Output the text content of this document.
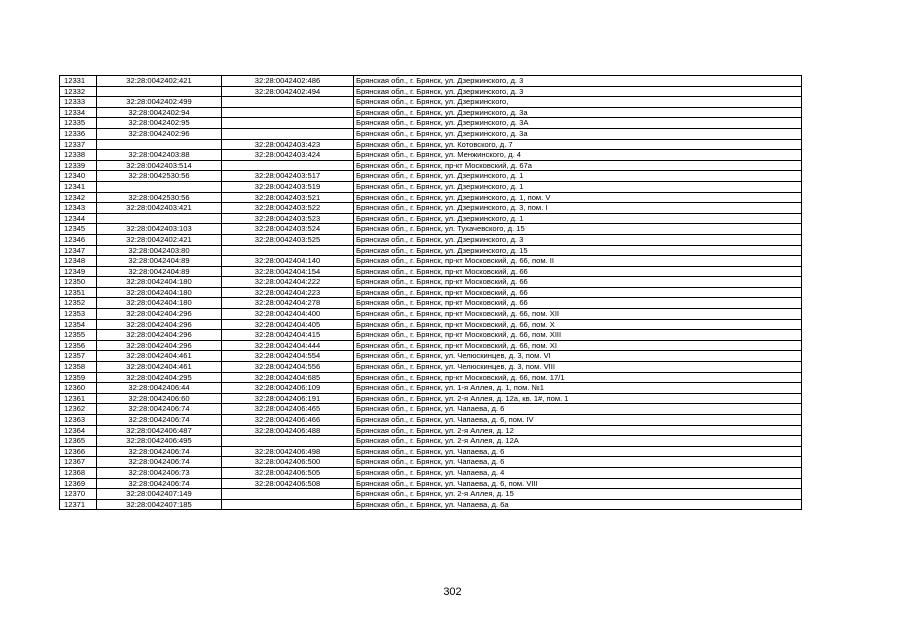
12331	32:28:0042402:421	32:28:0042402:486	Брянская обл., г. Брянск, ул. Дзержинского, д. 3
12332		32:28:0042402:494	Брянская обл., г. Брянск, ул. Дзержинского, д. 3
12333	32:28:0042402:499		Брянская обл., г. Брянск, ул. Дзержинского,
12334	32:28:0042402:94		Брянская обл., г. Брянск, ул. Дзержинского, д. 3а
12335	32:28:0042402:95		Брянская обл., г. Брянск, ул. Дзержинского, д. 3А
12336	32:28:0042402:96		Брянская обл., г. Брянск, ул. Дзержинского, д. 3а
12337		32:28:0042403:423	Брянская обл., г. Брянск, ул. Котовского, д. 7
12338	32:28:0042403:88	32:28:0042403:424	Брянская обл., г. Брянск, ул. Менжинского, д. 4
12339	32:28:0042403:514		Брянская обл., г. Брянск, пр-кт Московский, д. 67а
12340	32:28:0042530:56	32:28:0042403:517	Брянская обл., г. Брянск, ул. Дзержинского, д. 1
12341		32:28:0042403:519	Брянская обл., г. Брянск, ул. Дзержинского, д. 1
12342	32:28:0042530:56	32:28:0042403:521	Брянская обл., г. Брянск, ул. Дзержинского, д. 1, пом. V
12343	32:28:0042403:421	32:28:0042403:522	Брянская обл., г. Брянск, ул. Дзержинского, д. 3, пом. I
12344		32:28:0042403:523	Брянская обл., г. Брянск, ул. Дзержинского, д. 1
12345	32:28:0042403:103	32:28:0042403:524	Брянская обл., г. Брянск, ул. Тухачевского, д. 15
12346	32:28:0042402:421	32:28:0042403:525	Брянская обл., г. Брянск, ул. Дзержинского, д. 3
12347	32:28:0042403:80		Брянская обл., г. Брянск, ул. Дзержинского, д. 15
12348	32:28:0042404:89	32:28:0042404:140	Брянская обл., г. Брянск, пр-кт Московский, д. 66, пом. II
12349	32:28:0042404:89	32:28:0042404:154	Брянская обл., г. Брянск, пр-кт Московский, д. 66
12350	32:28:0042404:180	32:28:0042404:222	Брянская обл., г. Брянск, пр-кт Московский, д. 66
12351	32:28:0042404:180	32:28:0042404:223	Брянская обл., г. Брянск, пр-кт Московский, д. 66
12352	32:28:0042404:180	32:28:0042404:278	Брянская обл., г. Брянск, пр-кт Московский, д. 66
12353	32:28:0042404:296	32:28:0042404:400	Брянская обл., г. Брянск, пр-кт Московский, д. 66, пом. XII
12354	32:28:0042404:296	32:28:0042404:405	Брянская обл., г. Брянск, пр-кт Московский, д. 66, пом. X
12355	32:28:0042404:296	32:28:0042404:415	Брянская обл., г. Брянск, пр-кт Московский, д. 66, пом. XIII
12356	32:28:0042404:296	32:28:0042404:444	Брянская обл., г. Брянск, пр-кт Московский, д. 66, пом. XI
12357	32:28:0042404:461	32:28:0042404:554	Брянская обл., г. Брянск, ул. Челюскинцев, д. 3, пом. VI
12358	32:28:0042404:461	32:28:0042404:556	Брянская обл., г. Брянск, ул. Челюскинцев, д. 3, пом. VIII
12359	32:28:0042404:295	32:28:0042404:685	Брянская обл., г. Брянск, пр-кт Московский, д. 66, пом. 17/1
12360	32:28:0042406:44	32:28:0042406:109	Брянская обл., г. Брянск, ул. 1-я Аллея, д. 1, пом. №1
12361	32:28:0042406:60	32:28:0042406:191	Брянская обл., г. Брянск, ул. 2-я Аллея, д. 12а, кв. 1#, пом. 1
12362	32:28:0042406:74	32:28:0042406:465	Брянская обл., г. Брянск, ул. Чапаева, д. 6
12363	32:28:0042406:74	32:28:0042406:466	Брянская обл., г. Брянск, ул. Чапаева, д. 6, пом. IV
12364	32:28:0042406:487	32:28:0042406:488	Брянская обл., г. Брянск, ул. 2-я Аллея, д. 12
12365	32:28:0042406:495		Брянская обл., г. Брянск, ул. 2-я Аллея, д. 12А
12366	32:28:0042406:74	32:28:0042406:498	Брянская обл., г. Брянск, ул. Чапаева, д. 6
12367	32:28:0042406:74	32:28:0042406:500	Брянская обл., г. Брянск, ул. Чапаева, д. 6
12368	32:28:0042406:73	32:28:0042406:505	Брянская обл., г. Брянск, ул. Чапаева, д. 4
12369	32:28:0042406:74	32:28:0042406:508	Брянская обл., г. Брянск, ул. Чапаева, д. 6, пом. VIII
12370	32:28:0042407:149		Брянская обл., г. Брянск, ул. 2-я Аллея, д. 15
12371	32:28:0042407:185		Брянская обл., г. Брянск, ул. Чапаева, д. 6а
302
